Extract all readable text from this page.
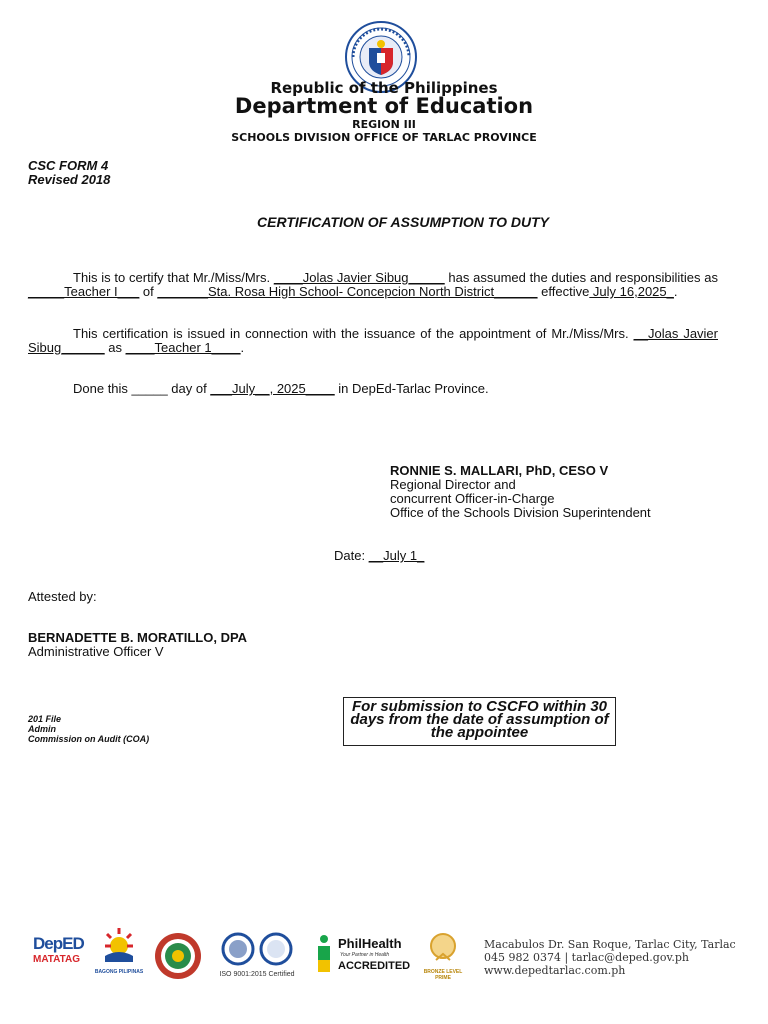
Republic of the Philippines
Department of Education
REGION III
SCHOOLS DIVISION OFFICE OF TARLAC PROVINCE
CSC FORM 4
Revised 2018
CERTIFICATION OF ASSUMPTION TO DUTY
This is to certify that Mr./Miss/Mrs. ____Jolas Javier Sibug_____ has assumed the duties and responsibilities as _____Teacher I___ of _______Sta. Rosa High School- Concepcion North District______ effective July 16,2025_.
This certification is issued in connection with the issuance of the appointment of Mr./Miss/Mrs. __Jolas Javier Sibug______ as ____Teacher 1____.
Done this _____ day of ___July__, 2025____ in DepEd-Tarlac Province.
RONNIE S. MALLARI, PhD, CESO V
Regional Director and
concurrent Officer-in-Charge
Office of the Schools Division Superintendent
Date: __July 1_
Attested by:
BERNADETTE B. MORATILLO, DPA
Administrative Officer V
201 File
Admin
Commission on Audit (COA)
For submission to CSCFO within 30 days from the date of assumption of the appointee
DepED
MATATAG
BAGONG PILIPINAS	ISO 9001:2015 Certified
PhilHealth
Your Partner in Health
ACCREDITED	BRONZE LEVEL PRIME
Macabulos Dr. San Roque, Tarlac City, Tarlac
045 982 0374 | tarlac@deped.gov.ph
www.depedtarlac.com.ph
